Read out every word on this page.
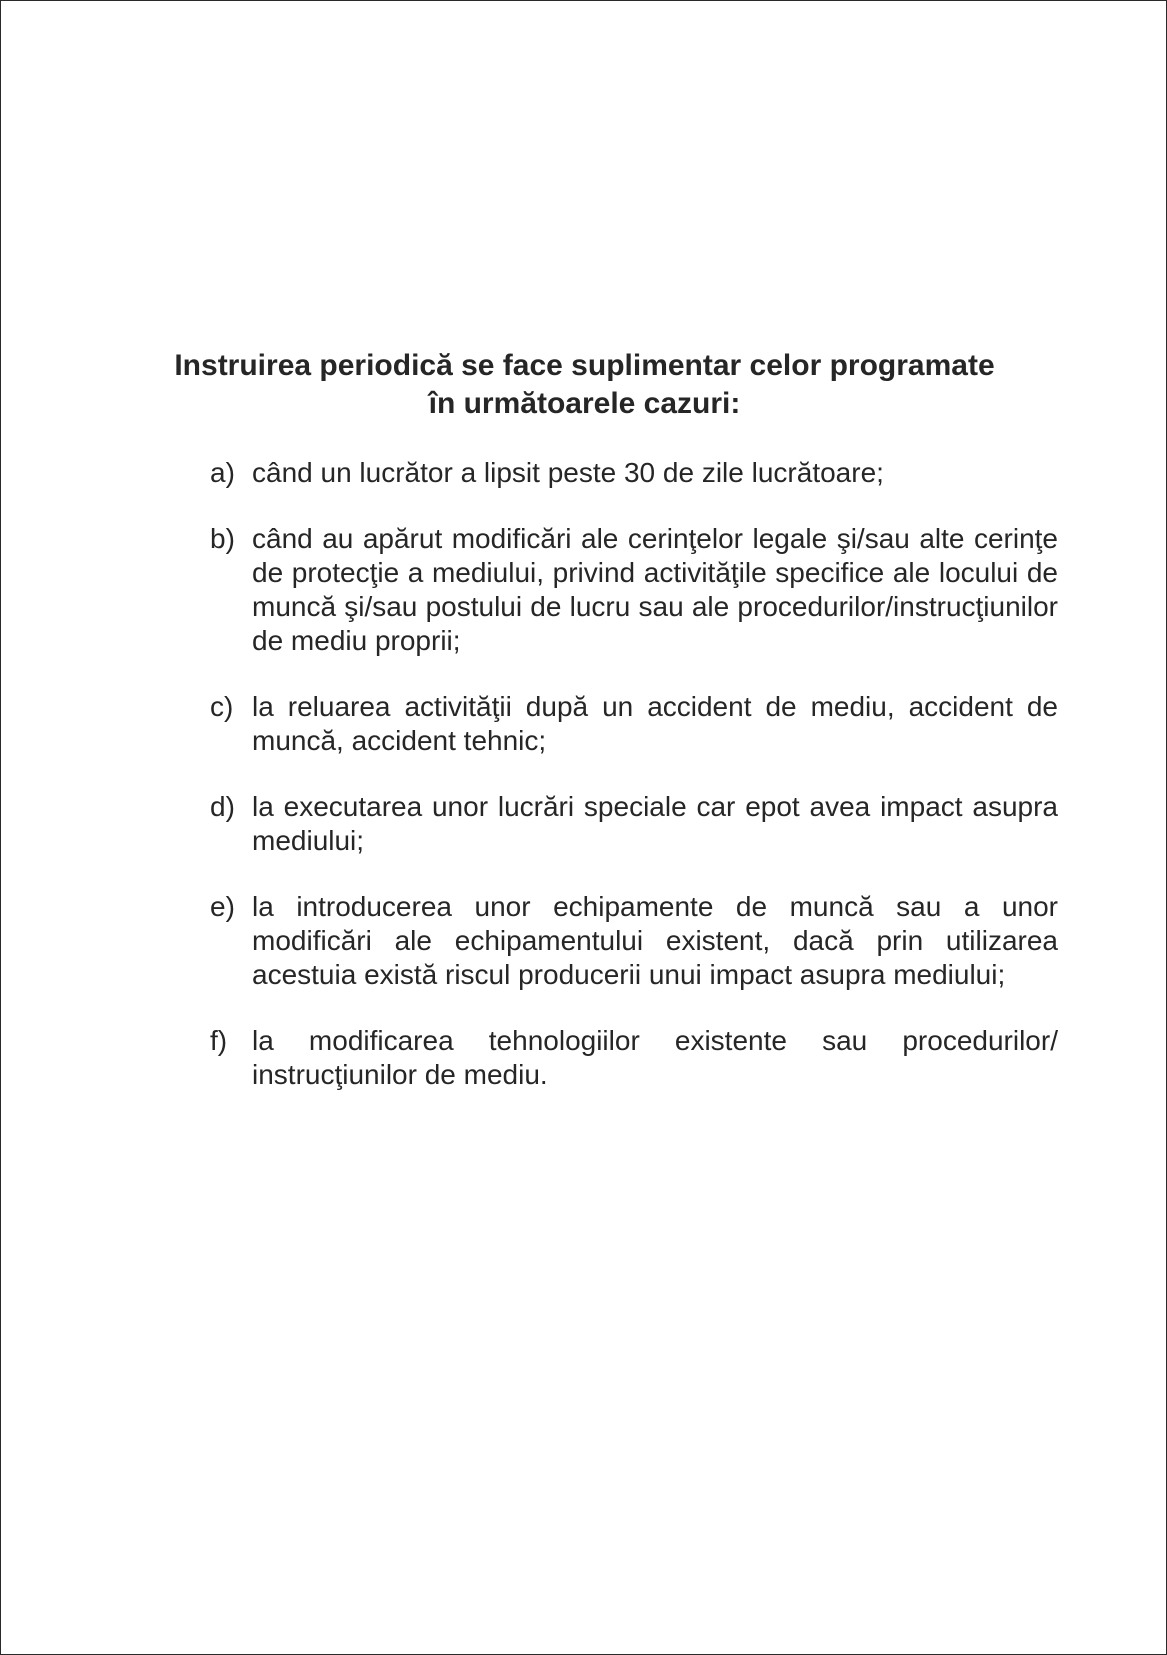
Instruirea periodică se face suplimentar celor programate
în următoarele cazuri:
a) când un lucrător a lipsit peste 30 de zile lucrătoare;
b) când au apărut modificări ale cerinţelor legale şi/sau alte cerinţe de protecţie a mediului, privind activităţile specifice ale locului de muncă şi/sau postului de lucru sau ale procedurilor/instrucţiunilor de mediu proprii;
c) la reluarea activităţii după un accident de mediu, accident de muncă, accident tehnic;
d) la executarea unor lucrări speciale car epot avea impact asupra mediului;
e) la introducerea unor echipamente de muncă sau a unor modificări ale echipamentului existent, dacă prin utilizarea acestuia există riscul producerii unui impact asupra mediului;
f) la modificarea tehnologiilor existente sau procedurilor/ instrucţiunilor de mediu.
